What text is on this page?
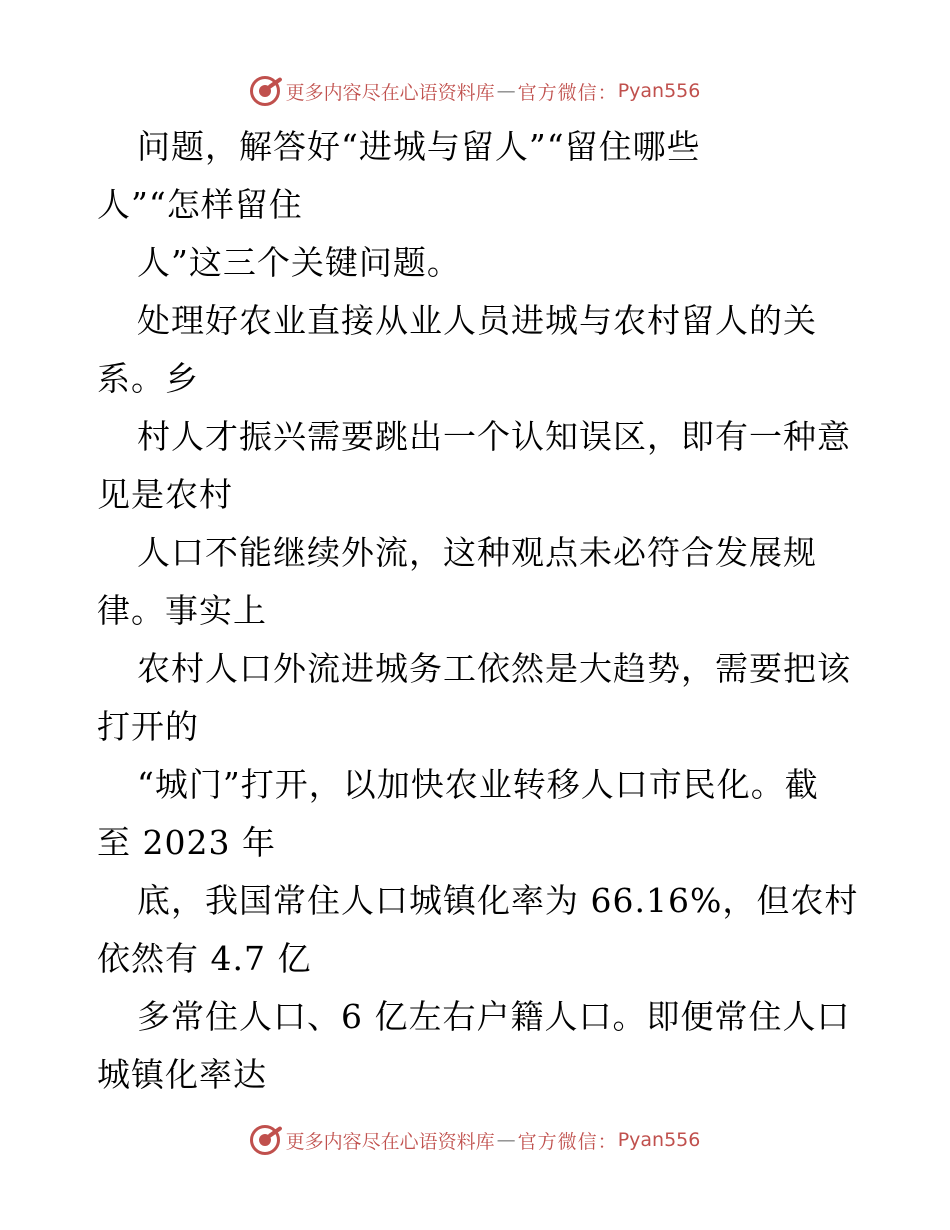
更多内容尽在心语资料库 — 官方微信： Pyan556
问题，解答好“进城与留人”“留住哪些
人”“怎样留住
人”这三个关键问题。
处理好农业直接从业人员进城与农村留人的关
系。乡
村人才振兴需要跳出一个认知误区，即有一种意
见是农村
人口不能继续外流，这种观点未必符合发展规
律。事实上
农村人口外流进城务工依然是大趋势，需要把该
打开的
“城门”打开，以加快农业转移人口市民化。截
至 2023 年
底，我国常住人口城镇化率为 66.16%，但农村
依然有 4.7 亿
多常住人口、6 亿左右户籍人口。即便常住人口
城镇化率达
更多内容尽在心语资料库 — 官方微信： Pyan556
